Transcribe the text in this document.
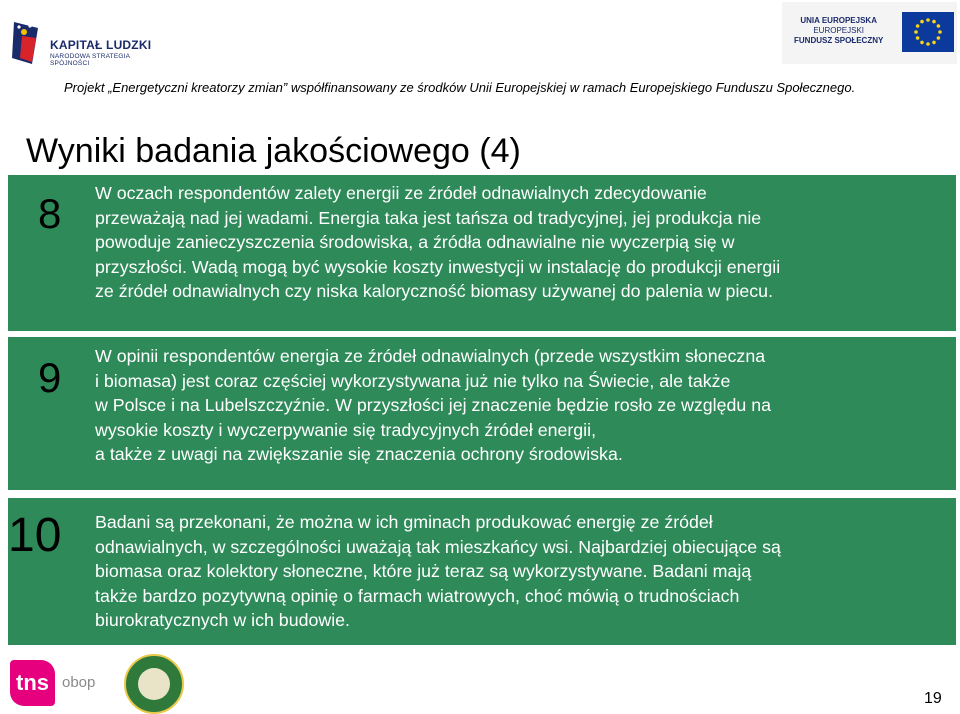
KAPITAŁ LUDZKI
NARODOWA STRATEGIA SPÓJNOŚCI
UNIA EUROPEJSKA
EUROPEJSKI
FUNDUSZ SPOŁECZNY
Projekt „Energetyczni kreatorzy zmian” współfinansowany ze środków Unii Europejskiej w ramach Europejskiego Funduszu Społecznego.
Wyniki badania jakościowego (4)
8 W oczach respondentów zalety energii ze źródeł odnawialnych zdecydowanie
przeważają nad jej wadami. Energia taka jest tańsza od tradycyjnej, jej produkcja nie
powoduje zanieczyszczenia środowiska, a źródła odnawialne nie wyczerpią się w
przyszłości. Wadą mogą być wysokie koszty inwestycji w instalację do produkcji energii
ze źródeł odnawialnych czy niska kaloryczność biomasy używanej do palenia w piecu.
9 W opinii respondentów energia ze źródeł odnawialnych (przede wszystkim słoneczna
i biomasa) jest coraz częściej wykorzystywana już nie tylko na Świecie, ale także
w Polsce i na Lubelszczyźnie. W przyszłości jej znaczenie będzie rosło ze względu na
wysokie koszty i wyczerpywanie się tradycyjnych źródeł energii,
a także z uwagi na zwiększanie się znaczenia ochrony środowiska.
10 Badani są przekonani, że można w ich gminach produkować energię ze źródeł
odnawialnych, w szczególności uważają tak mieszkańcy wsi. Najbardziej obiecujące są
biomasa oraz kolektory słoneczne, które już teraz są wykorzystywane. Badani mają
także bardzo pozytywną opinię o farmach wiatrowych, choć mówią o trudnościach
biurokratycznych w ich budowie.
tns obop
19
